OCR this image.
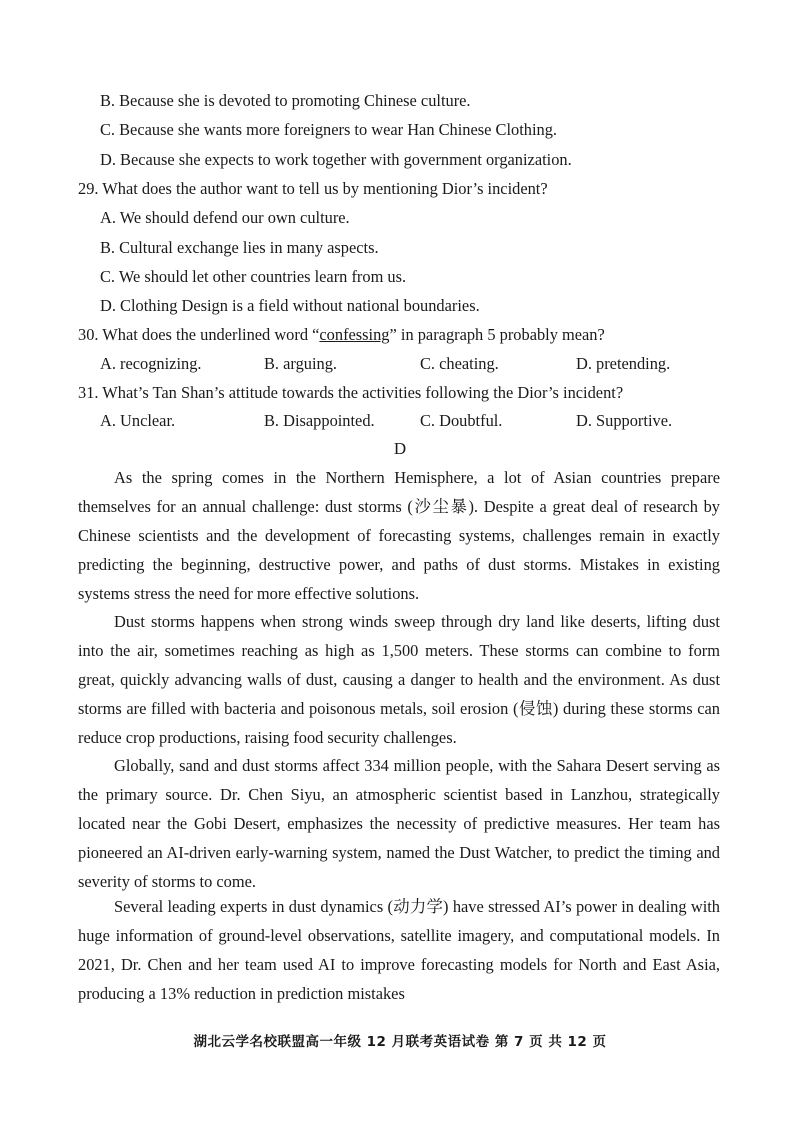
B. Because she is devoted to promoting Chinese culture.
C. Because she wants more foreigners to wear Han Chinese Clothing.
D. Because she expects to work together with government organization.
29. What does the author want to tell us by mentioning Dior’s incident?
A. We should defend our own culture.
B. Cultural exchange lies in many aspects.
C. We should let other countries learn from us.
D. Clothing Design is a field without national boundaries.
30. What does the underlined word “confessing” in paragraph 5 probably mean?
A. recognizing.	B. arguing.	C. cheating.	D. pretending.
31. What’s Tan Shan’s attitude towards the activities following the Dior’s incident?
A. Unclear.	B. Disappointed.	C. Doubtful.	D. Supportive.
D

As the spring comes in the Northern Hemisphere, a lot of Asian countries prepare themselves for an annual challenge: dust storms (沙尘暴). Despite a great deal of research by Chinese scientists and the development of forecasting systems, challenges remain in exactly predicting the beginning, destructive power, and paths of dust storms. Mistakes in existing systems stress the need for more effective solutions.

Dust storms happens when strong winds sweep through dry land like deserts, lifting dust into the air, sometimes reaching as high as 1,500 meters. These storms can combine to form great, quickly advancing walls of dust, causing a danger to health and the environment. As dust storms are filled with bacteria and poisonous metals, soil erosion (侵蚀) during these storms can reduce crop productions, raising food security challenges.

Globally, sand and dust storms affect 334 million people, with the Sahara Desert serving as the primary source. Dr. Chen Siyu, an atmospheric scientist based in Lanzhou, strategically located near the Gobi Desert, emphasizes the necessity of predictive measures. Her team has pioneered an AI-driven early-warning system, named the Dust Watcher, to predict the timing and severity of storms to come.

Several leading experts in dust dynamics (动力学) have stressed AI’s power in dealing with huge information of ground-level observations, satellite imagery, and computational models. In 2021, Dr. Chen and her team used AI to improve forecasting models for North and East Asia, producing a 13% reduction in prediction mistakes

湖北云学名校联盟高一年级 12 月联考英语试卷 第 7 页 共 12 页
